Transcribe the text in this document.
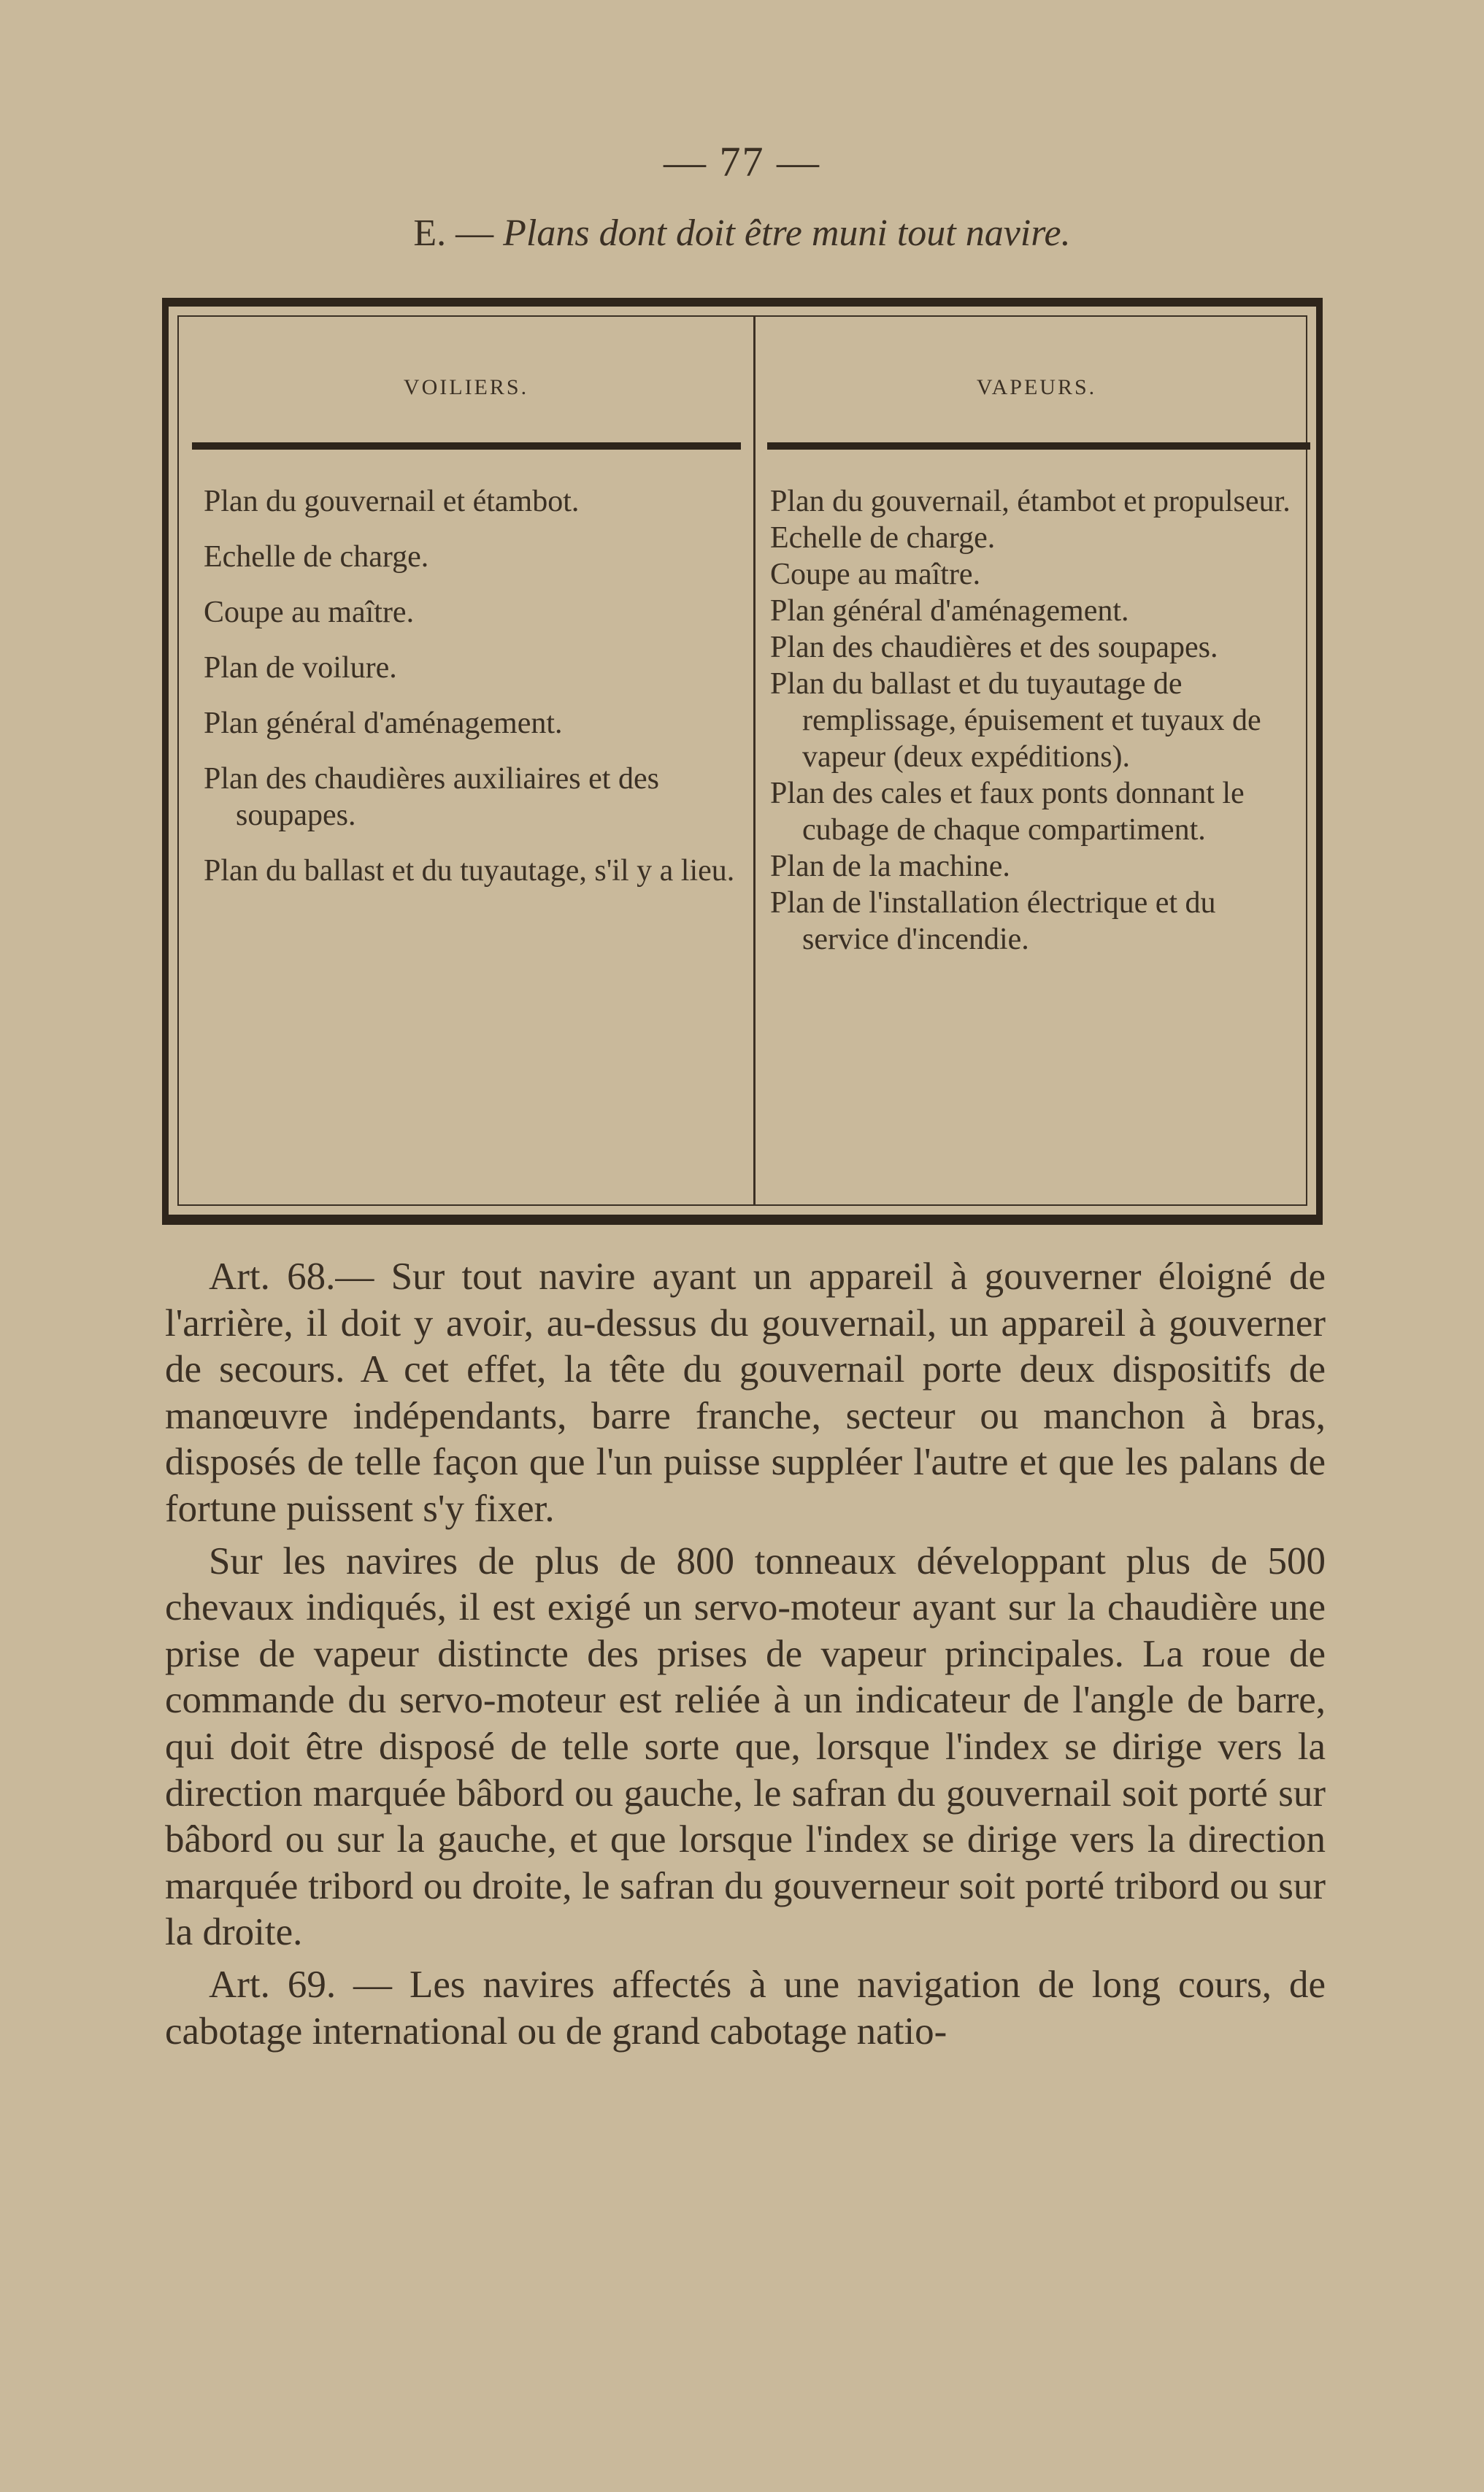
— 77 —
E. — Plans dont doit être muni tout navire.
VOILIERS.	VAPEURS.
Plan du gouvernail et étambot.
Echelle de charge.
Coupe au maître.
Plan de voilure.
Plan général d'aménagement.
Plan des chaudières auxiliaires et des soupapes.
Plan du ballast et du tuyautage, s'il y a lieu.
Plan du gouvernail, étambot et propulseur.
Echelle de charge.
Coupe au maître.
Plan général d'aménagement.
Plan des chaudières et des soupapes.
Plan du ballast et du tuyautage de remplissage, épuisement et tuyaux de vapeur (deux expéditions).
Plan des cales et faux ponts donnant le cubage de chaque compartiment.
Plan de la machine.
Plan de l'installation électrique et du service d'incendie.

Art. 68.— Sur tout navire ayant un appareil à gouverner éloigné de l'arrière, il doit y avoir, au-dessus du gouvernail, un appareil à gouverner de secours. A cet effet, la tête du gouvernail porte deux dispositifs de manœuvre indépendants, barre franche, secteur ou manchon à bras, disposés de telle façon que l'un puisse suppléer l'autre et que les palans de fortune puissent s'y fixer.

Sur les navires de plus de 800 tonneaux développant plus de 500 chevaux indiqués, il est exigé un servo-moteur ayant sur la chaudière une prise de vapeur distincte des prises de vapeur principales. La roue de commande du servo-moteur est reliée à un indicateur de l'angle de barre, qui doit être disposé de telle sorte que, lorsque l'index se dirige vers la direction marquée bâbord ou gauche, le safran du gouvernail soit porté sur bâbord ou sur la gauche, et que lorsque l'index se dirige vers la direction marquée tribord ou droite, le safran du gouverneur soit porté tribord ou sur la droite.

Art. 69. — Les navires affectés à une navigation de long cours, de cabotage international ou de grand cabotage natio-
